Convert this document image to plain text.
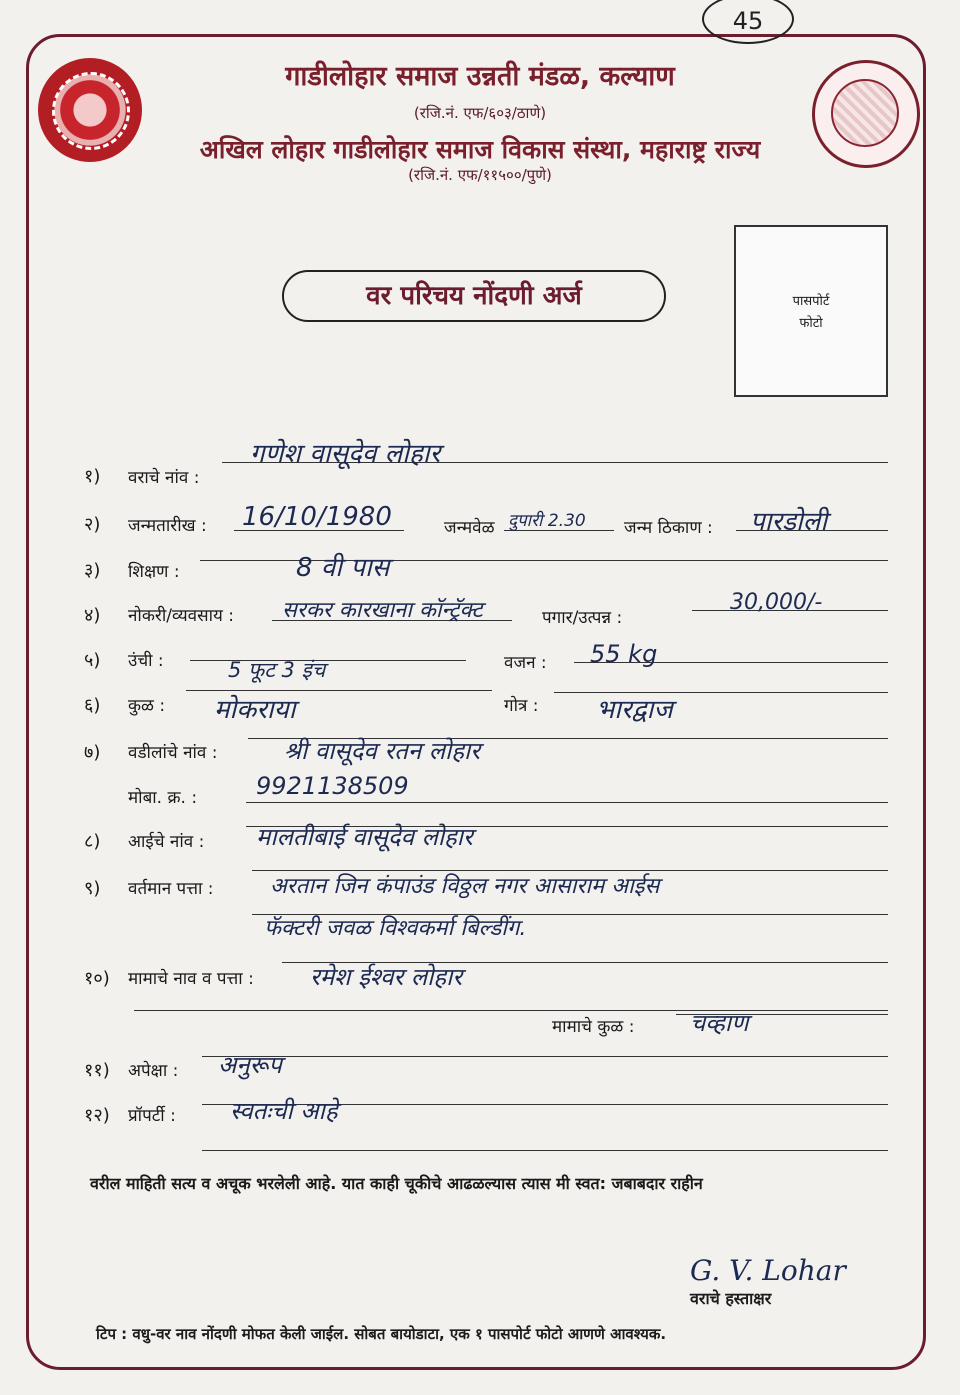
45
गाडीलोहार समाज उन्नती मंडळ, कल्याण
(रजि.नं. एफ/६०३/ठाणे)
अखिल लोहार गाडीलोहार समाज विकास संस्था, महाराष्ट्र राज्य
(रजि.नं. एफ/११५००/पुणे)
वर परिचय नोंदणी अर्ज	पासपोर्ट
फोटो
१) वराचे नांव :
गणेश वासूदेव लोहार
२) जन्मतारीख : 16/10/1980	जन्मवेळ दुपारी 2.30 जन्म ठिकाण : पारडोली
३) शिक्षण :	8 वी पास
४) नोकरी/व्यवसाय : सरकर कारखाना कॉन्ट्रॅक्ट	पगार/उत्पन्न :
30,000/-
५) उंची :	5 फूट 3 इंच	वजन : 55 kg
६) कुळ : मोकराया	गोत्र : भारद्वाज
७) वडीलांचे नांव :	श्री वासूदेव रतन लोहार
मोबा. क्र. : 9921138509
८) आईचे नांव : मालतीबाई वासूदेव लोहार
९) वर्तमान पत्ता :	अरतान जिन कंपाउंड विठ्ठल नगर आसाराम आईस
फॅक्टरी जवळ विश्वकर्मा बिल्डींग.
१०) मामाचे नाव व पत्ता : रमेश ईश्वर लोहार
मामाचे कुळ : चव्हाण
११) अपेक्षा : अनुरूप
१२) प्रॉपर्टी : स्वतःची आहे
वरील माहिती सत्य व अचूक भरलेली आहे. यात काही चूकीचे आढळल्यास त्यास मी स्वत: जबाबदार राहीन
G. V. Lohar
वराचे हस्ताक्षर
टिप : वधु-वर नाव नोंदणी मोफत केली जाईल. सोबत बायोडाटा, एक १ पासपोर्ट फोटो आणणे आवश्यक.
